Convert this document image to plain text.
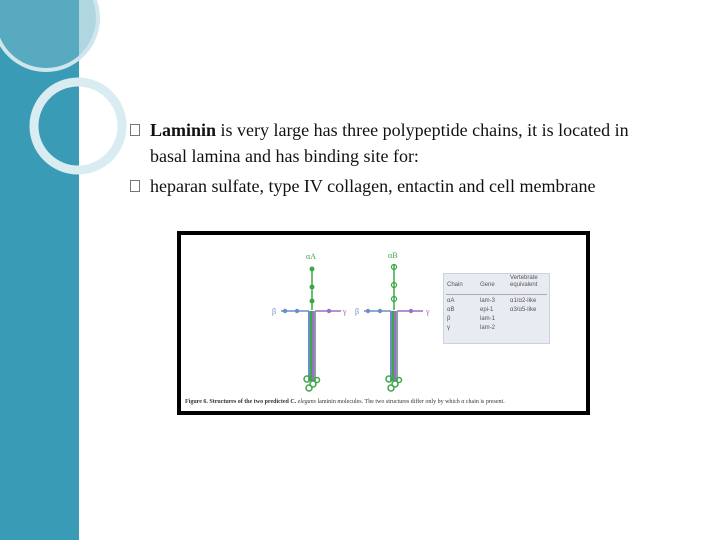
Laminin is very large has three polypeptide chains, it is located in
basal lamina and has binding site for:
heparan sulfate, type IV collagen, entactin and cell membrane
αA
β	γ
αB
β	γ
Vertebrate
Chain	Gene	equivalent
αA	lam-3 α1/α2-like
αB	epi-1	α3/α5-like
β	lam-1
γ	lam-2
Figure 6. Structures of the two predicted C. elegans laminin molecules. The two structures differ only by which α chain is present.
